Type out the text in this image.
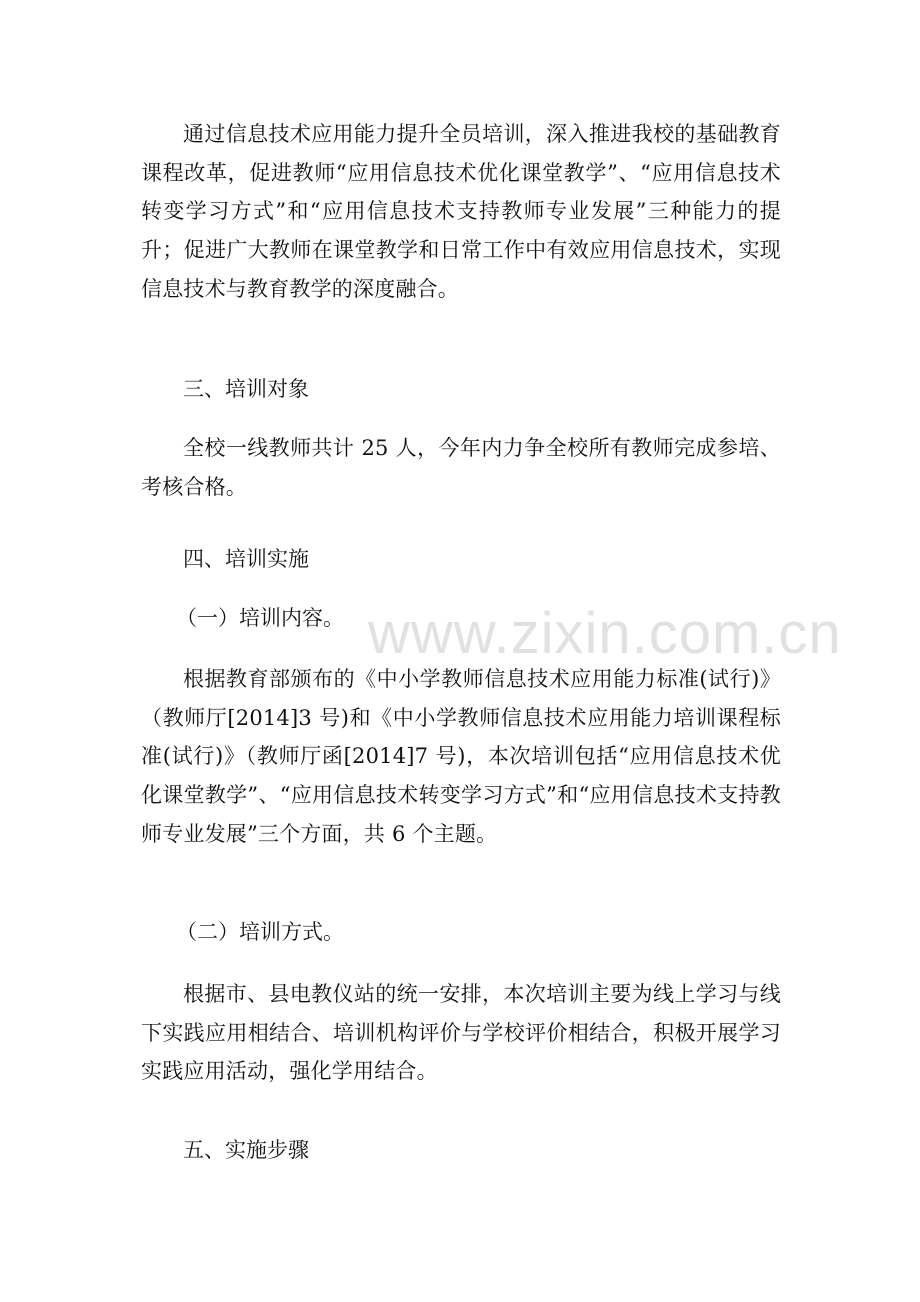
通过信息技术应用能力提升全员培训，深入推进我校的基础教育课程改革，促进教师“应用信息技术优化课堂教学”、“应用信息技术转变学习方式”和“应用信息技术支持教师专业发展”三种能力的提升；促进广大教师在课堂教学和日常工作中有效应用信息技术，实现信息技术与教育教学的深度融合。

三、培训对象

全校一线教师共计 25 人，今年内力争全校所有教师完成参培、考核合格。

四、培训实施
（一）培训内容。

根据教育部颁布的《中小学教师信息技术应用能力标准(试行)》（教师厅[2014]3 号)和《中小学教师信息技术应用能力培训课程标准(试行)》（教师厅函[2014]7 号)，本次培训包括“应用信息技术优化课堂教学”、“应用信息技术转变学习方式”和“应用信息技术支持教师专业发展”三个方面，共 6 个主题。

（二）培训方式。

根据市、县电教仪站的统一安排，本次培训主要为线上学习与线下实践应用相结合、培训机构评价与学校评价相结合，积极开展学习实践应用活动，强化学用结合。

五、实施步骤
www.zixin.com.cn
